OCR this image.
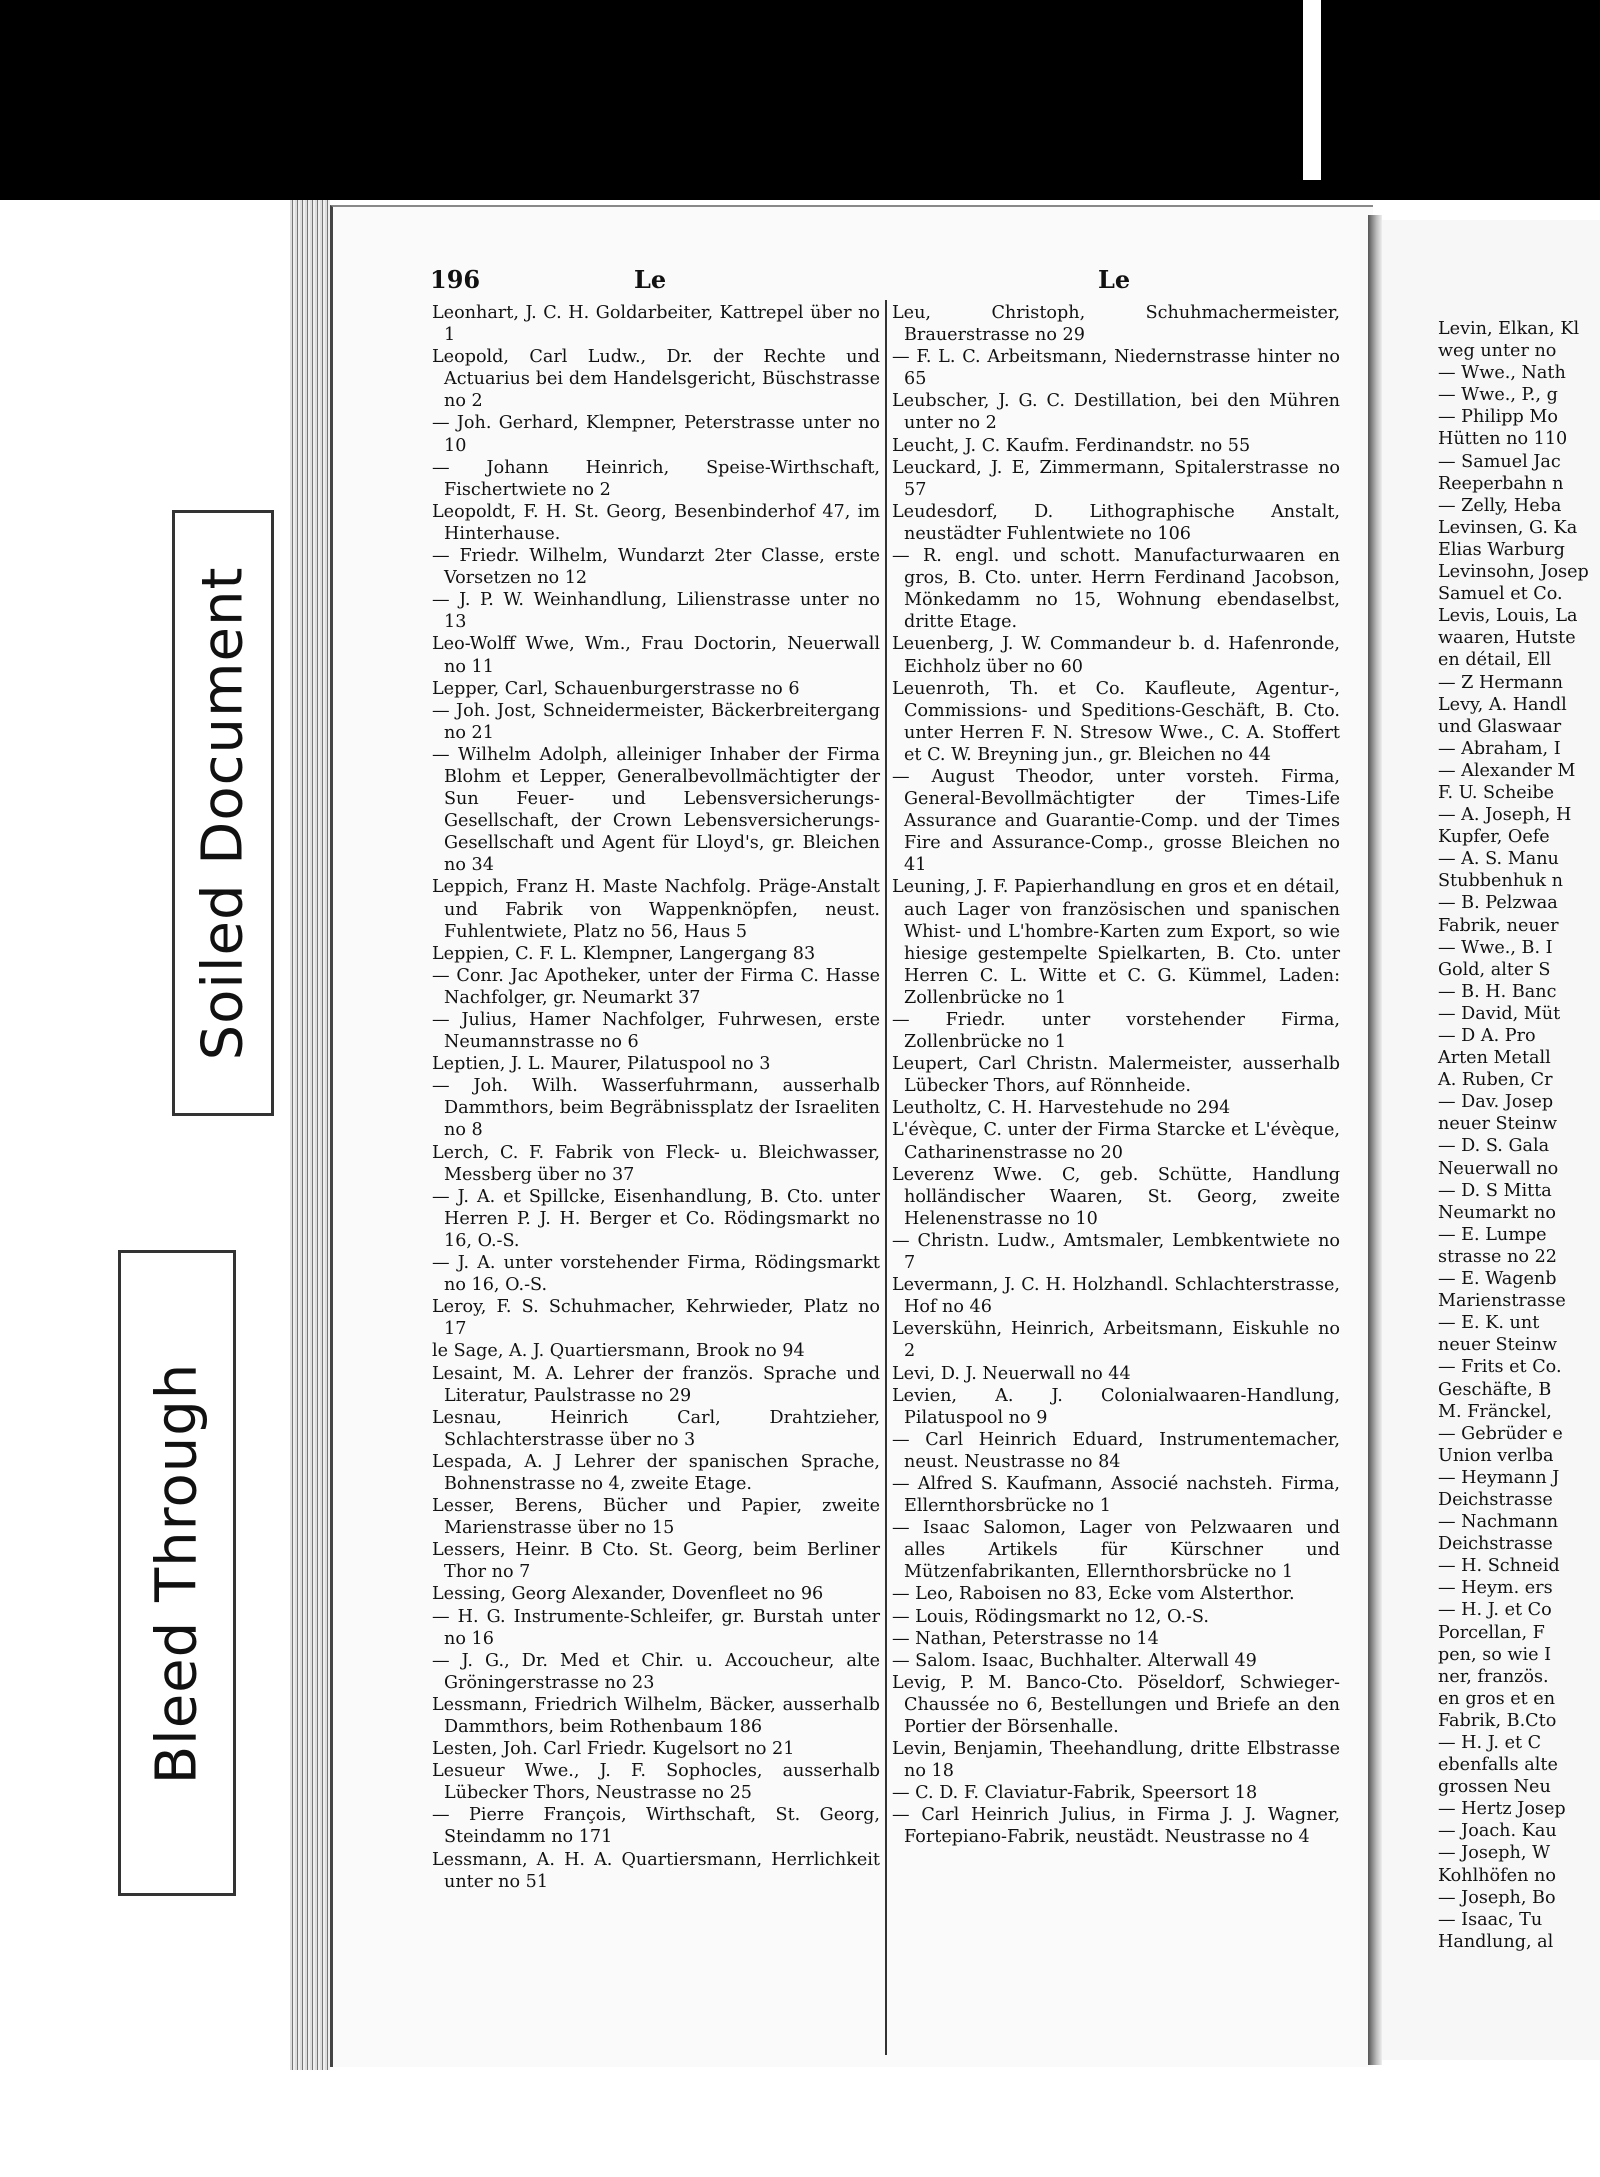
Soiled Document
Bleed Through
196	Le	Le
Leonhart, J. C. H. Goldarbeiter, Kattrepel über no 1
Leopold, Carl Ludw., Dr. der Rechte und Actuarius bei dem Handelsgericht, Büschstrasse no 2
— Joh. Gerhard, Klempner, Peterstrasse unter no 10
— Johann Heinrich, Speise-Wirthschaft, Fischertwiete no 2
Leopoldt, F. H. St. Georg, Besenbinderhof 47, im Hinterhause.
— Friedr. Wilhelm, Wundarzt 2ter Classe, erste Vorsetzen no 12
— J. P. W. Weinhandlung, Lilienstrasse unter no 13
Leo-Wolff Wwe, Wm., Frau Doctorin, Neuerwall no 11
Lepper, Carl, Schauenburgerstrasse no 6
— Joh. Jost, Schneidermeister, Bäckerbreitergang no 21
— Wilhelm Adolph, alleiniger Inhaber der Firma Blohm et Lepper, Generalbevollmächtigter der Sun Feuer- und Lebensversicherungs-Gesellschaft, der Crown Lebensversicherungs-Gesellschaft und Agent für Lloyd's, gr. Bleichen no 34
Leppich, Franz H. Maste Nachfolg. Präge-Anstalt und Fabrik von Wappenknöpfen, neust. Fuhlentwiete, Platz no 56, Haus 5
Leppien, C. F. L. Klempner, Langergang 83
— Conr. Jac Apotheker, unter der Firma C. Hasse Nachfolger, gr. Neumarkt 37
— Julius, Hamer Nachfolger, Fuhrwesen, erste Neumannstrasse no 6
Leptien, J. L. Maurer, Pilatuspool no 3
— Joh. Wilh. Wasserfuhrmann, ausserhalb Dammthors, beim Begräbnissplatz der Israeliten no 8
Lerch, C. F. Fabrik von Fleck- u. Bleichwasser, Messberg über no 37
— J. A. et Spillcke, Eisenhandlung, B. Cto. unter Herren P. J. H. Berger et Co. Rödingsmarkt no 16, O.-S.
— J. A. unter vorstehender Firma, Rödingsmarkt no 16, O.-S.
Leroy, F. S. Schuhmacher, Kehrwieder, Platz no 17
le Sage, A. J. Quartiersmann, Brook no 94
Lesaint, M. A. Lehrer der französ. Sprache und Literatur, Paulstrasse no 29
Lesnau, Heinrich Carl, Drahtzieher, Schlachterstrasse über no 3
Lespada, A. J Lehrer der spanischen Sprache, Bohnenstrasse no 4, zweite Etage.
Lesser, Berens, Bücher und Papier, zweite Marienstrasse über no 15
Lessers, Heinr. B Cto. St. Georg, beim Berliner Thor no 7
Lessing, Georg Alexander, Dovenfleet no 96
— H. G. Instrumente-Schleifer, gr. Burstah unter no 16
— J. G., Dr. Med et Chir. u. Accoucheur, alte Gröningerstrasse no 23
Lessmann, Friedrich Wilhelm, Bäcker, ausserhalb Dammthors, beim Rothenbaum 186
Lesten, Joh. Carl Friedr. Kugelsort no 21
Lesueur Wwe., J. F. Sophocles, ausserhalb Lübecker Thors, Neustrasse no 25
— Pierre François, Wirthschaft, St. Georg, Steindamm no 171
Lessmann, A. H. A. Quartiersmann, Herrlichkeit unter no 51
Leu, Christoph, Schuhmachermeister, Brauerstrasse no 29
— F. L. C. Arbeitsmann, Niedernstrasse hinter no 65
Leubscher, J. G. C. Destillation, bei den Mühren unter no 2
Leucht, J. C. Kaufm. Ferdinandstr. no 55
Leuckard, J. E, Zimmermann, Spitalerstrasse no 57
Leudesdorf, D. Lithographische Anstalt, neustädter Fuhlentwiete no 106
— R. engl. und schott. Manufacturwaaren en gros, B. Cto. unter. Herrn Ferdinand Jacobson, Mönkedamm no 15, Wohnung ebendaselbst, dritte Etage.
Leuenberg, J. W. Commandeur b. d. Hafenronde, Eichholz über no 60
Leuenroth, Th. et Co. Kaufleute, Agentur-, Commissions- und Speditions-Geschäft, B. Cto. unter Herren F. N. Stresow Wwe., C. A. Stoffert et C. W. Breyning jun., gr. Bleichen no 44
— August Theodor, unter vorsteh. Firma, General-Bevollmächtigter der Times-Life Assurance and Guarantie-Comp. und der Times Fire and Assurance-Comp., grosse Bleichen no 41
Leuning, J. F. Papierhandlung en gros et en détail, auch Lager von französischen und spanischen Whist- und L'hombre-Karten zum Export, so wie hiesige gestempelte Spielkarten, B. Cto. unter Herren C. L. Witte et C. G. Kümmel, Laden: Zollenbrücke no 1
— Friedr. unter vorstehender Firma, Zollenbrücke no 1
Leupert, Carl Christn. Malermeister, ausserhalb Lübecker Thors, auf Rönnheide.
Leutholtz, C. H. Harvestehude no 294
L'évèque, C. unter der Firma Starcke et L'évèque, Catharinenstrasse no 20
Leverenz Wwe. C, geb. Schütte, Handlung holländischer Waaren, St. Georg, zweite Helenenstrasse no 10
— Christn. Ludw., Amtsmaler, Lembkentwiete no 7
Levermann, J. C. H. Holzhandl. Schlachterstrasse, Hof no 46
Leverskühn, Heinrich, Arbeitsmann, Eiskuhle no 2
Levi, D. J. Neuerwall no 44
Levien, A. J. Colonialwaaren-Handlung, Pilatuspool no 9
— Carl Heinrich Eduard, Instrumentemacher, neust. Neustrasse no 84
— Alfred S. Kaufmann, Associé nachsteh. Firma, Ellernthorsbrücke no 1
— Isaac Salomon, Lager von Pelzwaaren und alles Artikels für Kürschner und Mützenfabrikanten, Ellernthorsbrücke no 1
— Leo, Raboisen no 83, Ecke vom Alsterthor.
— Louis, Rödingsmarkt no 12, O.-S.
— Nathan, Peterstrasse no 14
— Salom. Isaac, Buchhalter. Alterwall 49
Levig, P. M. Banco-Cto. Pöseldorf, Schwieger-Chaussée no 6, Bestellungen und Briefe an den Portier der Börsenhalle.
Levin, Benjamin, Theehandlung, dritte Elbstrasse no 18
— C. D. F. Claviatur-Fabrik, Speersort 18
— Carl Heinrich Julius, in Firma J. J. Wagner, Fortepiano-Fabrik, neustädt. Neustrasse no 4
Levin, Elkan, Kl
weg unter no
— Wwe., Nath
— Wwe., P., g
— Philipp Mo
Hütten no 110
— Samuel Jac
Reeperbahn n
— Zelly, Heba
Levinsen, G. Ka
Elias Warburg
Levinsohn, Josep
Samuel et Co.
Levis, Louis, La
waaren, Hutste
en détail, Ell
— Z Hermann
Levy, A. Handl
und Glaswaar
— Abraham, I
— Alexander M
F. U. Scheibe
— A. Joseph, H
Kupfer, Oefe
— A. S. Manu
Stubbenhuk n
— B. Pelzwaa
Fabrik, neuer
— Wwe., B. I
Gold, alter S
— B. H. Banc
— David, Müt
— D A. Pro
Arten Metall
A. Ruben, Cr
— Dav. Josep
neuer Steinw
— D. S. Gala
Neuerwall no
— D. S Mitta
Neumarkt no
— E. Lumpe
strasse no 22
— E. Wagenb
Marienstrasse
— E. K. unt
neuer Steinw
— Frits et Co.
Geschäfte, B
M. Fränckel,
— Gebrüder e
Union verlba
— Heymann J
Deichstrasse
— Nachmann
Deichstrasse
— H. Schneid
— Heym. ers
— H. J. et Co
Porcellan, F
pen, so wie I
ner, französ.
en gros et en
Fabrik, B.Cto
— H. J. et C
ebenfalls alte
grossen Neu
— Hertz Josep
— Joach. Kau
— Joseph, W
Kohlhöfen no
— Joseph, Bo
— Isaac, Tu
Handlung, al
